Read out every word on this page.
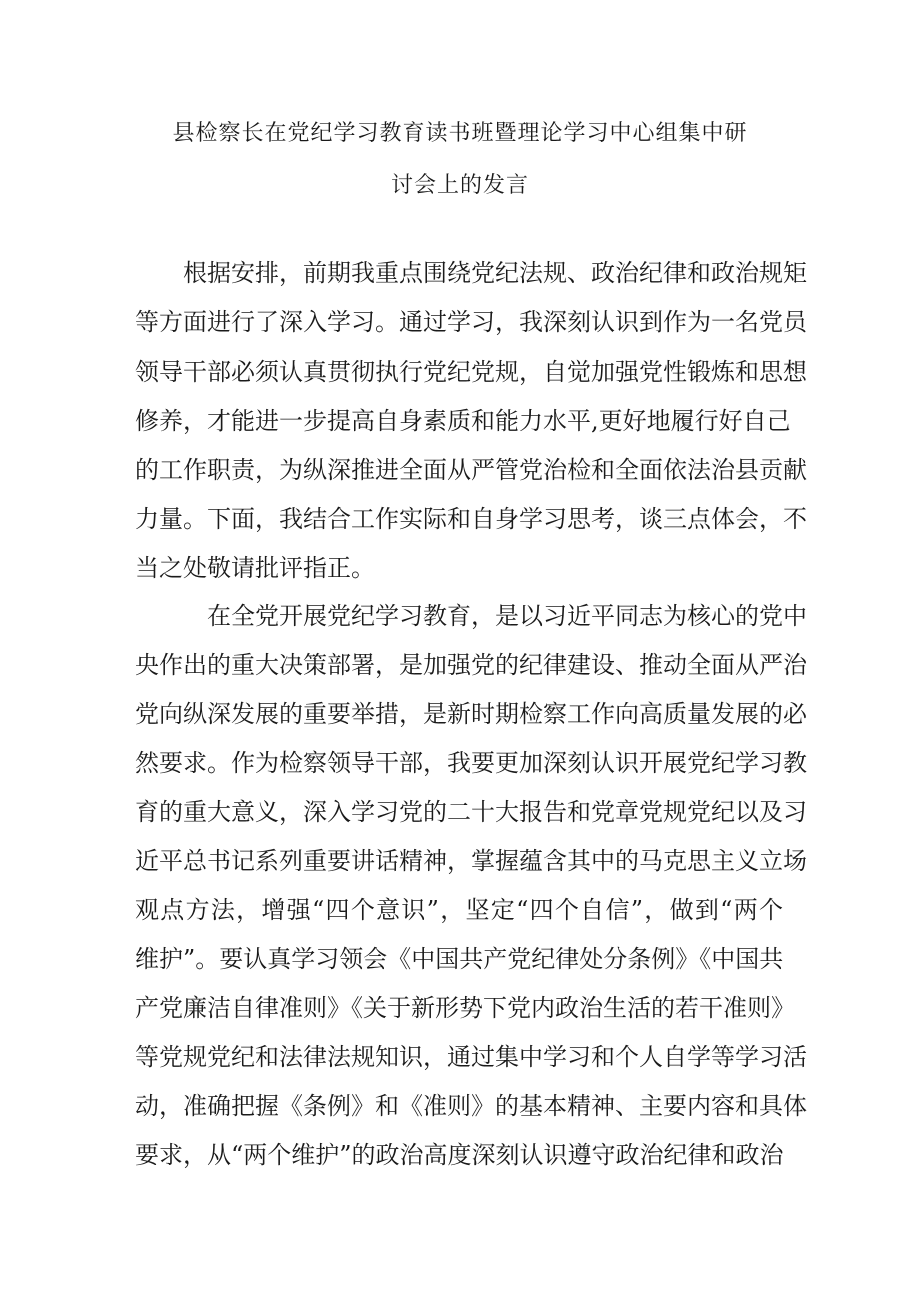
县检察长在党纪学习教育读书班暨理论学习中心组集中研
讨会上的发言
根据安排，前期我重点围绕党纪法规、政治纪律和政治规矩
等方面进行了深入学习。通过学习，我深刻认识到作为一名党员
领导干部必须认真贯彻执行党纪党规，自觉加强党性锻炼和思想
修养，才能进一步提高自身素质和能力水平,更好地履行好自己
的工作职责，为纵深推进全面从严管党治检和全面依法治县贡献
力量。下面，我结合工作实际和自身学习思考，谈三点体会，不
当之处敬请批评指正。
在全党开展党纪学习教育，是以习近平同志为核心的党中
央作出的重大决策部署，是加强党的纪律建设、推动全面从严治
党向纵深发展的重要举措，是新时期检察工作向高质量发展的必
然要求。作为检察领导干部，我要更加深刻认识开展党纪学习教
育的重大意义，深入学习党的二十大报告和党章党规党纪以及习
近平总书记系列重要讲话精神，掌握蕴含其中的马克思主义立场
观点方法，增强“四个意识”，坚定“四个自信”，做到“两个
维护”。要认真学习领会《中国共产党纪律处分条例》《中国共
产党廉洁自律准则》《关于新形势下党内政治生活的若干准则》
等党规党纪和法律法规知识，通过集中学习和个人自学等学习活
动，准确把握《条例》和《准则》的基本精神、主要内容和具体
要求，从“两个维护”的政治高度深刻认识遵守政治纪律和政治
